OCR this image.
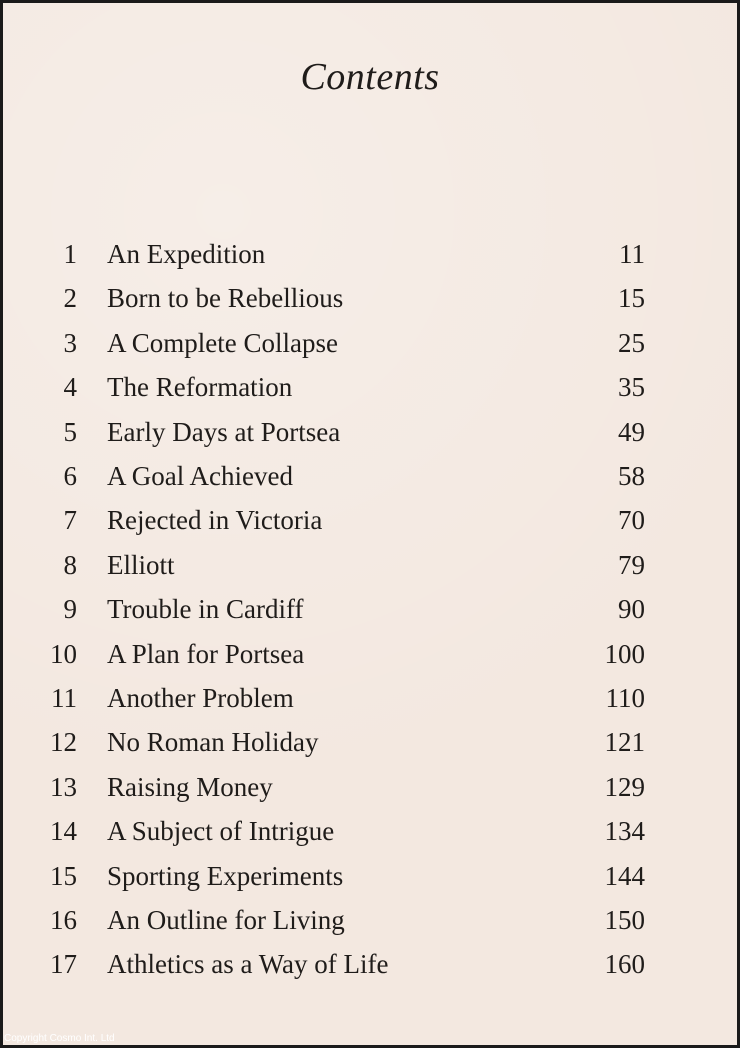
Contents
1 An Expedition	11
2 Born to be Rebellious	15
3 A Complete Collapse	25
4 The Reformation	35
5 Early Days at Portsea	49
6 A Goal Achieved	58
7 Rejected in Victoria	70
8 Elliott	79
9 Trouble in Cardiff	90
10 A Plan for Portsea	100
11 Another Problem	110
12 No Roman Holiday	121
13 Raising Money	129
14 A Subject of Intrigue	134
15 Sporting Experiments	144
16 An Outline for Living	150
17 Athletics as a Way of Life	160
Copyright Cosmo Int. Ltd
